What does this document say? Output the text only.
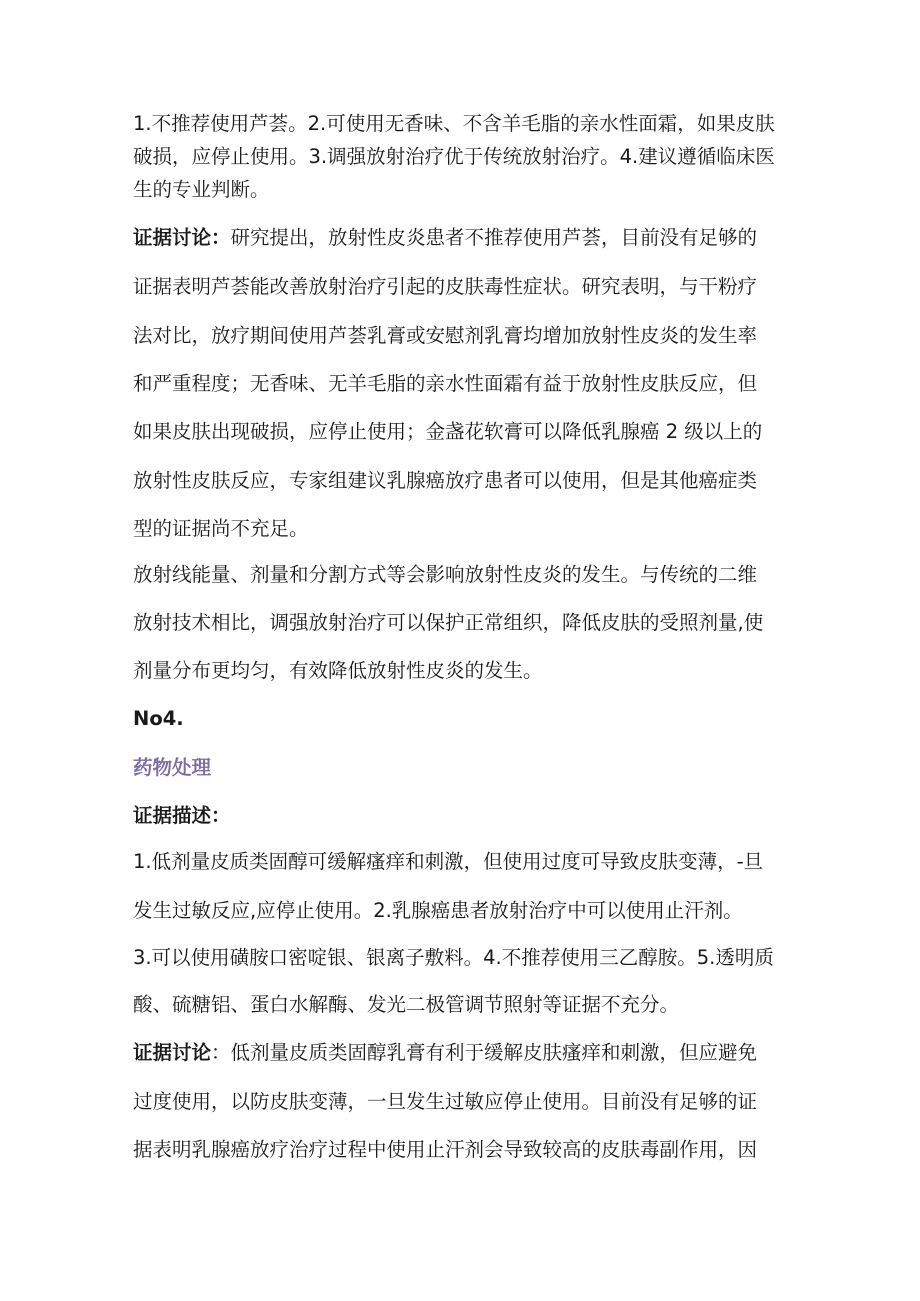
1.不推荐使用芦荟。2.可使用无香味、不含羊毛脂的亲水性面霜，如果皮肤
破损，应停止使用。3.调强放射治疗优于传统放射治疗。4.建议遵循临床医
生的专业判断。
证据讨论：研究提出，放射性皮炎患者不推荐使用芦荟，目前没有足够的
证据表明芦荟能改善放射治疗引起的皮肤毒性症状。研究表明，与干粉疗
法对比，放疗期间使用芦荟乳膏或安慰剂乳膏均增加放射性皮炎的发生率
和严重程度；无香味、无羊毛脂的亲水性面霜有益于放射性皮肤反应，但
如果皮肤出现破损，应停止使用；金盏花软膏可以降低乳腺癌 2 级以上的
放射性皮肤反应，专家组建议乳腺癌放疗患者可以使用，但是其他癌症类
型的证据尚不充足。
放射线能量、剂量和分割方式等会影响放射性皮炎的发生。与传统的二维
放射技术相比，调强放射治疗可以保护正常组织，降低皮肤的受照剂量,使
剂量分布更均匀，有效降低放射性皮炎的发生。
No4.
药物处理
证据描述：
1.低剂量皮质类固醇可缓解瘙痒和刺激，但使用过度可导致皮肤变薄，-旦
发生过敏反应,应停止使用。2.乳腺癌患者放射治疗中可以使用止汗剂。
3.可以使用磺胺口密啶银、银离子敷料。4.不推荐使用三乙醇胺。5.透明质
酸、硫糖铝、蛋白水解酶、发光二极管调节照射等证据不充分。
证据讨论：低剂量皮质类固醇乳膏有利于缓解皮肤瘙痒和刺激，但应避免
过度使用，以防皮肤变薄，一旦发生过敏应停止使用。目前没有足够的证
据表明乳腺癌放疗治疗过程中使用止汗剂会导致较高的皮肤毒副作用，因
